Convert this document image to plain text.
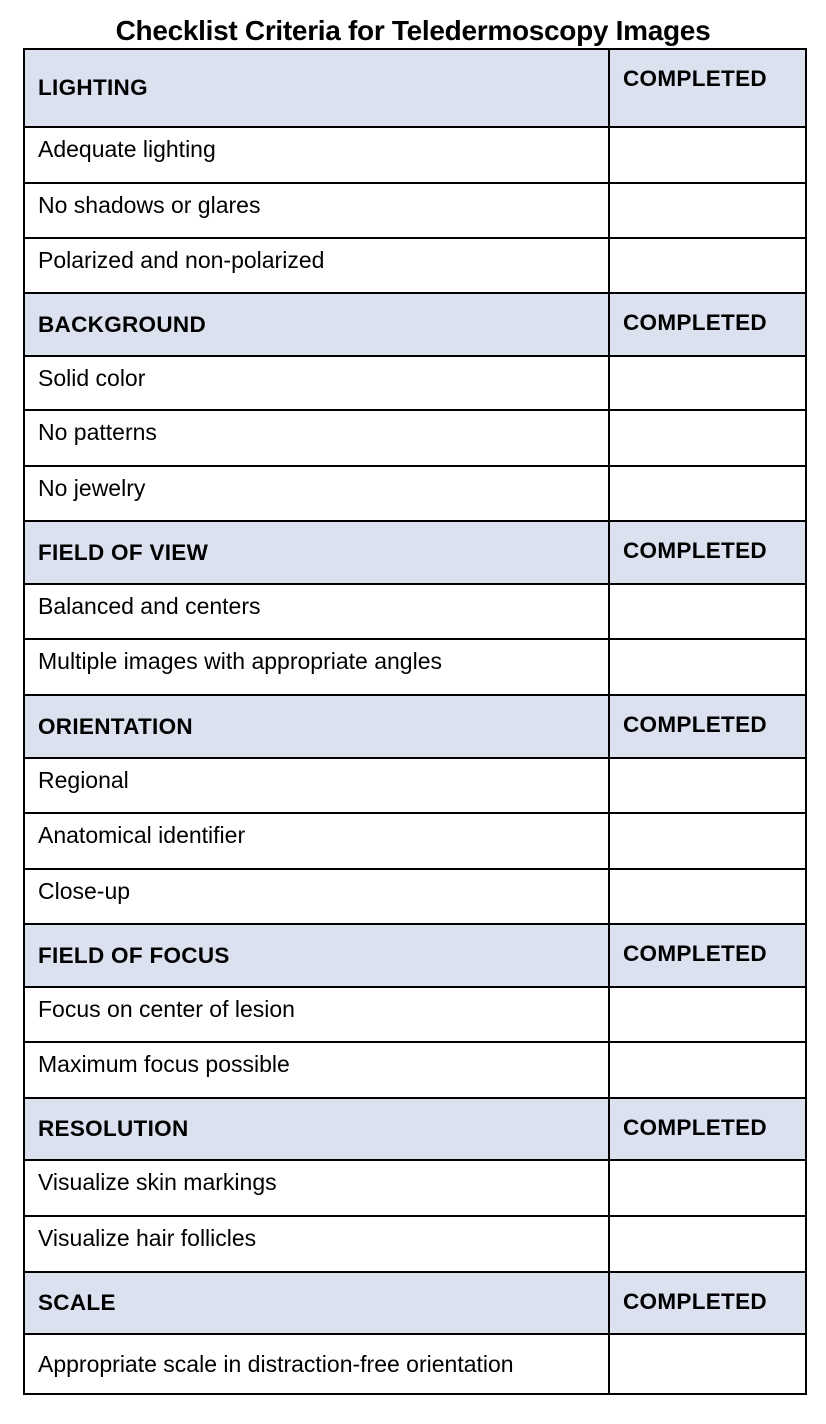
Checklist Criteria for Teledermoscopy Images
LIGHTING	COMPLETED
Adequate lighting	
No shadows or glares	
Polarized and non-polarized	
BACKGROUND	COMPLETED
Solid color	
No patterns	
No jewelry	
FIELD OF VIEW	COMPLETED
Balanced and centers	
Multiple images with appropriate angles	
ORIENTATION	COMPLETED
Regional	
Anatomical identifier	
Close-up	
FIELD OF FOCUS	COMPLETED
Focus on center of lesion	
Maximum focus possible	
RESOLUTION	COMPLETED
Visualize skin markings	
Visualize hair follicles	
SCALE	COMPLETED
Appropriate scale in distraction-free orientation	
